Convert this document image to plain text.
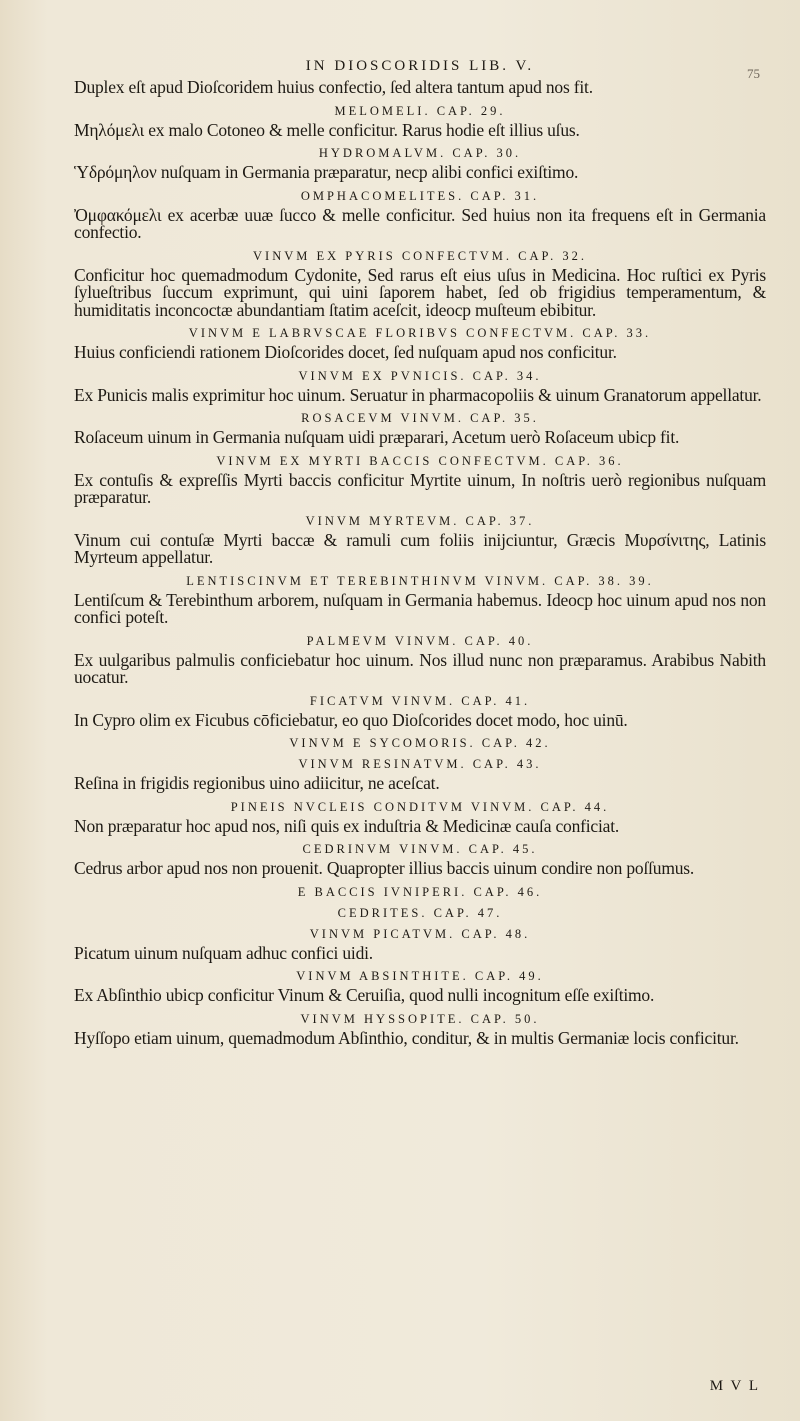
IN DIOSCORIDIS LIB. V.	75

Duplex eſt apud Dioſcoridem huius confectio, ſed altera tantum apud nos fit.

MELOMELI. CAP. 29.

Μηλόμελι ex malo Cotoneo & melle conficitur. Rarus hodie eſt illius uſus.

HYDROMALVM. CAP. 30.

Ὑδρόμηλον nuſquam in Germania præparatur, necp alibi confici exiſtimo.

OMPHACOMELITES. CAP. 31.

Ὀμφακόμελι ex acerbæ uuæ ſucco & melle conficitur. Sed huius non ita frequens eſt in Germania confectio.

VINVM EX PYRIS CONFECTVM. CAP. 32.

Conficitur hoc quemadmodum Cydonite, Sed rarus eſt eius uſus in Medicina. Hoc ruſtici ex Pyris ſylueſtribus ſuccum exprimunt, qui uini ſaporem habet, ſed ob frigidius temperamentum, & humiditatis inconcoctæ abundantiam ſtatim aceſcit, ideocp muſteum ebibitur.

VINVM E LABRVSCAE FLORIBVS CONFECTVM. CAP. 33.

Huius conficiendi rationem Dioſcorides docet, ſed nuſquam apud nos conficitur.

VINVM EX PVNICIS. CAP. 34.

Ex Punicis malis exprimitur hoc uinum. Seruatur in pharmacopoliis & uinum Granatorum appellatur.

ROSACEVM VINVM. CAP. 35.

Roſaceum uinum in Germania nuſquam uidi præparari, Acetum uerò Roſaceum ubicp fit.

VINVM EX MYRTI BACCIS CONFECTVM. CAP. 36.

Ex contuſis & expreſſis Myrti baccis conficitur Myrtite uinum, In noſtris uerò regionibus nuſquam præparatur.

VINVM MYRTEVM. CAP. 37.

Vinum cui contuſæ Myrti baccæ & ramuli cum foliis inijciuntur, Græcis Μυρσίνιτης, Latinis Myrteum appellatur.

LENTISCINVM ET TEREBINTHINVM VINVM. CAP. 38. 39.

Lentiſcum & Terebinthum arborem, nuſquam in Germania habemus. Ideocp hoc uinum apud nos non confici poteſt.

PALMEVM VINVM. CAP. 40.

Ex uulgaribus palmulis conficiebatur hoc uinum. Nos illud nunc non præparamus. Arabibus Nabith uocatur.

FICATVM VINVM. CAP. 41.

In Cypro olim ex Ficubus cōficiebatur, eo quo Dioſcorides docet modo, hoc uinū.

VINVM E SYCOMORIS. CAP. 42.
VINVM RESINATVM. CAP. 43.

Reſina in frigidis regionibus uino adiicitur, ne aceſcat.

PINEIS NVCLEIS CONDITVM VINVM. CAP. 44.

Non præparatur hoc apud nos, niſi quis ex induſtria & Medicinæ cauſa conficiat.

CEDRINVM VINVM. CAP. 45.

Cedrus arbor apud nos non prouenit. Quapropter illius baccis uinum condire non poſſumus.

E BACCIS IVNIPERI. CAP. 46.
CEDRITES. CAP. 47.
VINVM PICATVM. CAP. 48.

Picatum uinum nuſquam adhuc confici uidi.

VINVM ABSINTHITE. CAP. 49.

Ex Abſinthio ubicp conficitur Vinum & Ceruiſia, quod nulli incognitum eſſe exiſtimo.

VINVM HYSSOPITE. CAP. 50.

Hyſſopo etiam uinum, quemadmodum Abſinthio, conditur, & in multis Germaniæ locis conficitur.

M V L
